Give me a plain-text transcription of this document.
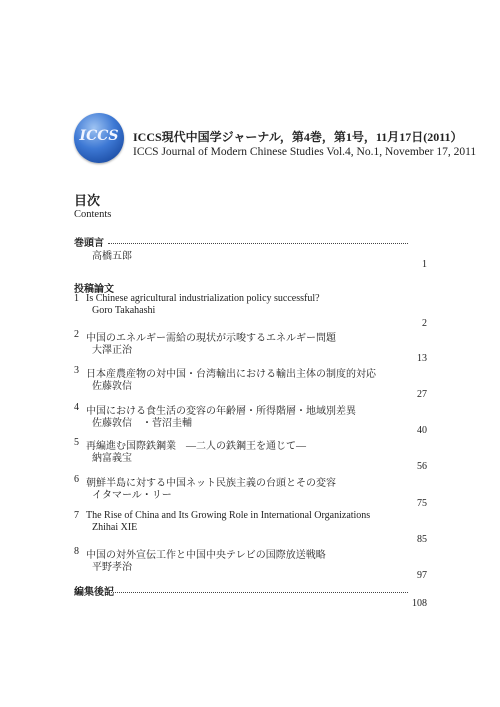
ICCS	ICCS現代中国学ジャーナル，第4巻，第1号，11月17日(2011）
ICCS Journal of Modern Chinese Studies Vol.4, No.1, November 17, 2011
目次
Contents
巻頭言
高橋五郎
1
投稿論文
1 Is Chinese agricultural industrialization policy successful?
Goro Takahashi
2
2 中国のエネルギー需給の現状が示唆するエネルギー問題
大澤正治
13
3 日本産農産物の対中国・台湾輸出における輸出主体の制度的対応
佐藤敦信
27
4 中国における食生活の変容の年齢層・所得階層・地域別差異
佐藤敦信　・菅沼圭輔
40
5 再編進む国際鉄鋼業　―二人の鉄鋼王を通じて―
納富義宝
56
6 朝鮮半島に対する中国ネット民族主義の台頭とその変容
イタマール・リー
75
7 The Rise of China and Its Growing Role in International Organizations
Zhihai XIE
85
8 中国の対外宣伝工作と中国中央テレビの国際放送戦略
平野孝治
97
編集後記
108
